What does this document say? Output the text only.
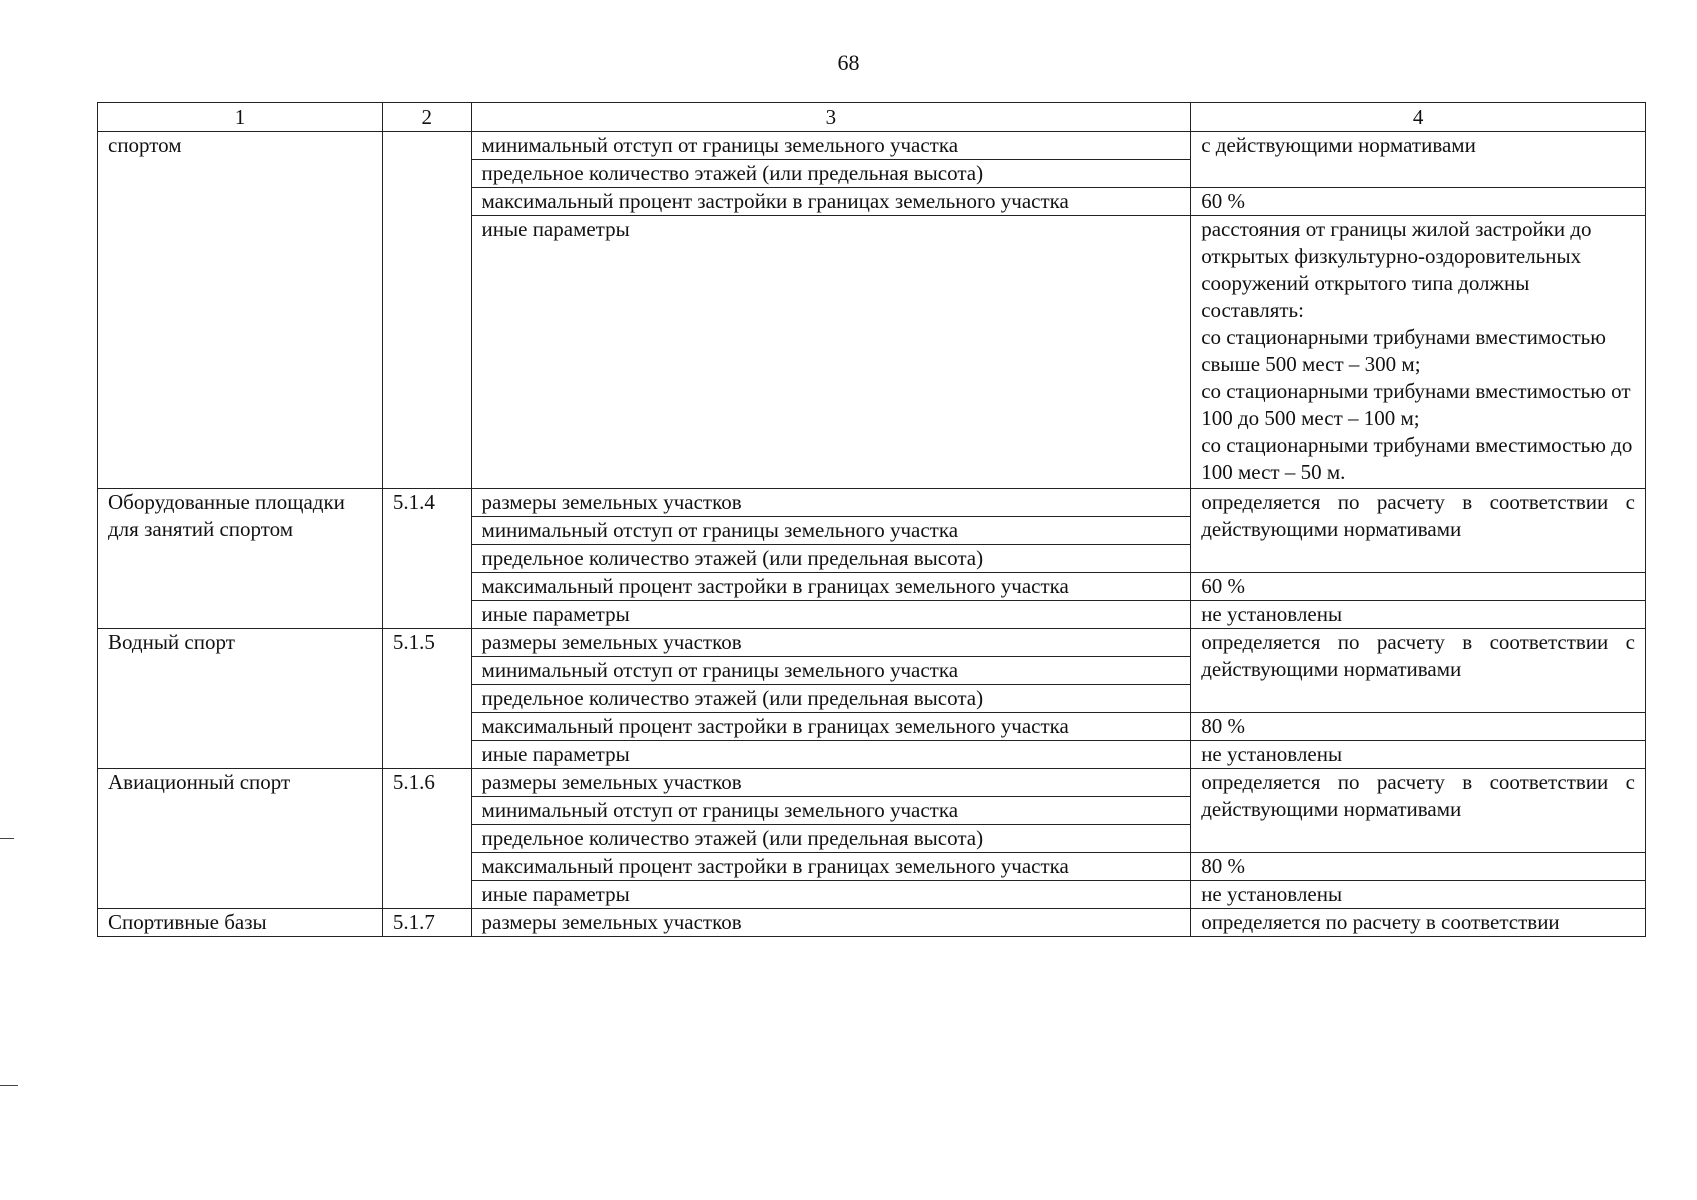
68
1	2	3	4
спортом		минимальный отступ от границы земельного участка	с действующими нормативами
		предельное количество этажей (или предельная высота)	
		максимальный процент застройки в границах земельного участка	60 %
		иные параметры	расстояния от границы жилой застройки до открытых физкультурно-оздоровительных сооружений открытого типа должны составлять:
со стационарными трибунами вместимостью свыше 500 мест – 300 м;
со стационарными трибунами вместимостью от 100 до 500 мест – 100 м;
со стационарными трибунами вместимостью до 100 мест – 50 м.
Оборудованные площадки для занятий спортом	5.1.4	размеры земельных участков	определяется по расчету в соответствии с действующими нормативами
		минимальный отступ от границы земельного участка	
		предельное количество этажей (или предельная высота)	
		максимальный процент застройки в границах земельного участка	60 %
		иные параметры	не установлены
Водный спорт	5.1.5	размеры земельных участков	определяется по расчету в соответствии с действующими нормативами
		минимальный отступ от границы земельного участка	
		предельное количество этажей (или предельная высота)	
		максимальный процент застройки в границах земельного участка	80 %
		иные параметры	не установлены
Авиационный спорт	5.1.6	размеры земельных участков	определяется по расчету в соответствии с действующими нормативами
		минимальный отступ от границы земельного участка	
		предельное количество этажей (или предельная высота)	
		максимальный процент застройки в границах земельного участка	80 %
		иные параметры	не установлены
Спортивные базы	5.1.7	размеры земельных участков	определяется по расчету в соответствии
